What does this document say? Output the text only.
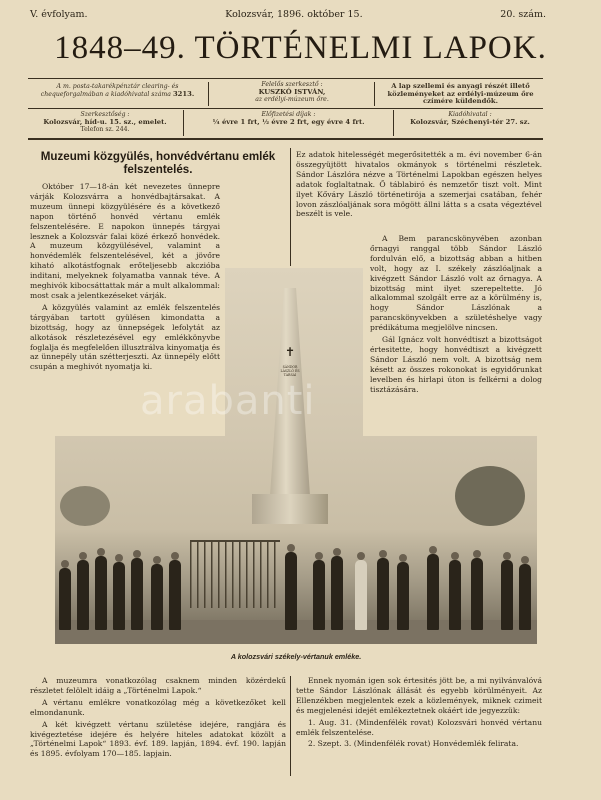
V. évfolyam.	Kolozsvár, 1896. október 15.	20. szám.
1848–49. TÖRTÉNELMI LAPOK.
A m. posta-takarékpénztár clearing- és chequeforgalmában a kiadóhivatal száma 3213.
Felelős szerkesztő :
KUSZKÓ ISTVÁN,
az erdélyi-múzeum őre.
A lap szellemi és anyagi részét illető közleményeket az erdélyi-múzeum őre czímére küldendők.
Szerkesztőség :
Kolozsvár, híd-u. 15. sz., emelet.
Telefon sz. 244.
Előfizetési díjak :
¼ évre 1 frt, ½ évre 2 frt, egy évre 4 frt.
Kiadóhivatal :
Kolozsvár, Széchenyi-tér 27. sz.
Muzeumi közgyülés, honvédvértanu emlék felszentelés.

Október 17—18-án két nevezetes ünnepre várják Kolozsvárra a honvédbajtársakat. A muzeum ünnepi közgyülésére és a következő napon történő honvéd vértanu emlék felszentelésére. E napokon ünnepés tárgyai lesznek a Kolozsvár falai közé érkező honvédek. A muzeum közgyülésével, valamint a honvédemlék felszentelésével, két a jövőre kiható alkotástfognak erőteljesebb akczióba inditani, melyeknek folyamatba vannak téve. A meghivók kibocsáttattak már a mult alkalommal: most csak a jelentkezéseket várják.

A közgyülés valamint az emlék felszentelés tárgyában tartott gyülésen kimondatta a bizottság, hogy az ünnepségek lefolytát az alkotások részletezésével egy emlékkönyvbe foglalja és megfelelően illusztrálva kinyomatja és az ünnepély után szétterjeszti. Az ünnepély előtt csupán a meghivót nyomatja ki.

Ez adatok hitelességét megerősitették a m. évi november 6-án összegyüjtött hivatalos okmányok s történelmi részletek. Sándor Lászlóra nézve a Történelmi Lapokban egészen helyes adatok foglaltatnak. Ő táblabiró és nemzetőr tiszt volt. Mint ilyet Kőváry László történetirója a szemerjai csatában, fehér lovon zászlóaljának sora mögött állni látta s a csata végeztével beszélt is vele.

A Bem parancskönyvében azonban őrnagyi ranggal több Sándor László fordulván elő, a bizottság abban a hitben volt, hogy az I. székely zászlóaljnak a kivégzett Sándor László volt az őrnagya. A bizottság mint ilyet szerepeltette. Jó alkalommal szolgált erre az a körülmény is, hogy Sándor Lászlónak a parancskönyvekben a születéshelye vagy prédikátuma megjelölve nincsen.

Gál Ignácz volt honvédtiszt a bizottságot értesitette, hogy honvédtiszt a kivégzett Sándor László nem volt. A bizottság nem késett az összes rokonokat is egyidőrunkat levelben és hirlapi úton is felkérni a dolog tisztázására.

✝
SÁNDOR LÁSZLÓ ÉS TÁRSAI
arabanti
A kolozsvári székely-vértanuk emléke.

A muzeumra vonatkozólag csaknem minden közérdekű részletet felölelt idáig a „Történelmi Lapok.“

A vértanu emlékre vonatkozólag még a következőket kell elmondanunk.

A két kivégzett vértanu születése idejére, rangjára és kivégeztetése idejére és helyére hiteles adatokat közölt a „Történelmi Lapok“ 1893. évf. 189. lapján, 1894. évf. 190. lapján és 1895. évfolyam 170—185. lapjain.

Ennek nyomán igen sok értesités jött be, a mi nyilvánvalóvá tette Sándor Lászlónak állását és egyebb körülményeit. Az Ellenzékben megjelentek ezek a közlemények, miknek czimeit és megjelenési idejét emlékeztetnek okáért ide jegyezzük:

1. Aug. 31. (Mindenfélék rovat) Kolozsvári honvéd vértanu emlék felszentelése.

2. Szept. 3. (Mindenfélék rovat) Honvédemlék felirata.
